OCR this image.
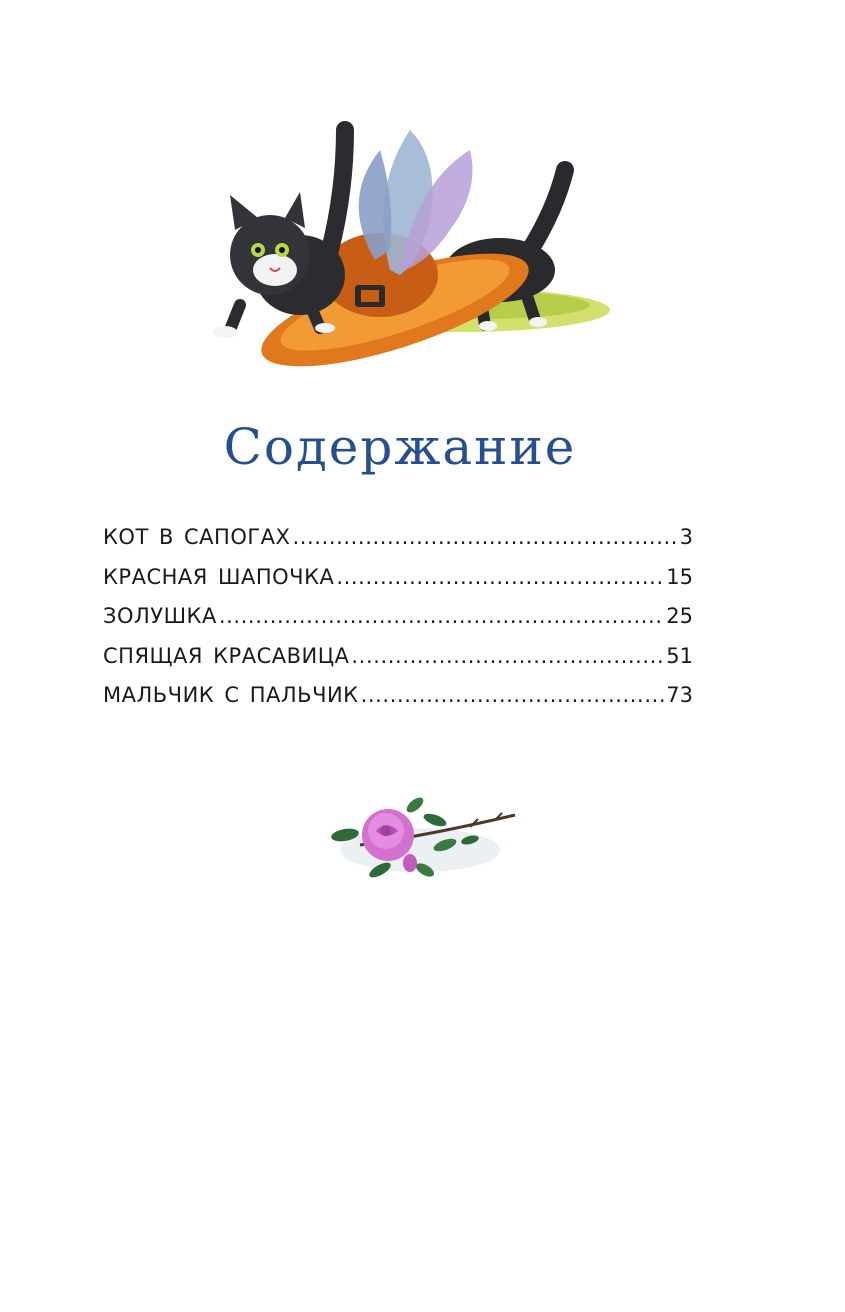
Содержание
КОТ В САПОГАХ .....	3
КРАСНАЯ ШАПОЧКА .....	15
ЗОЛУШКА .....	25
СПЯЩАЯ КРАСАВИЦА .....	51
МАЛЬЧИК С ПАЛЬЧИК .....	73
